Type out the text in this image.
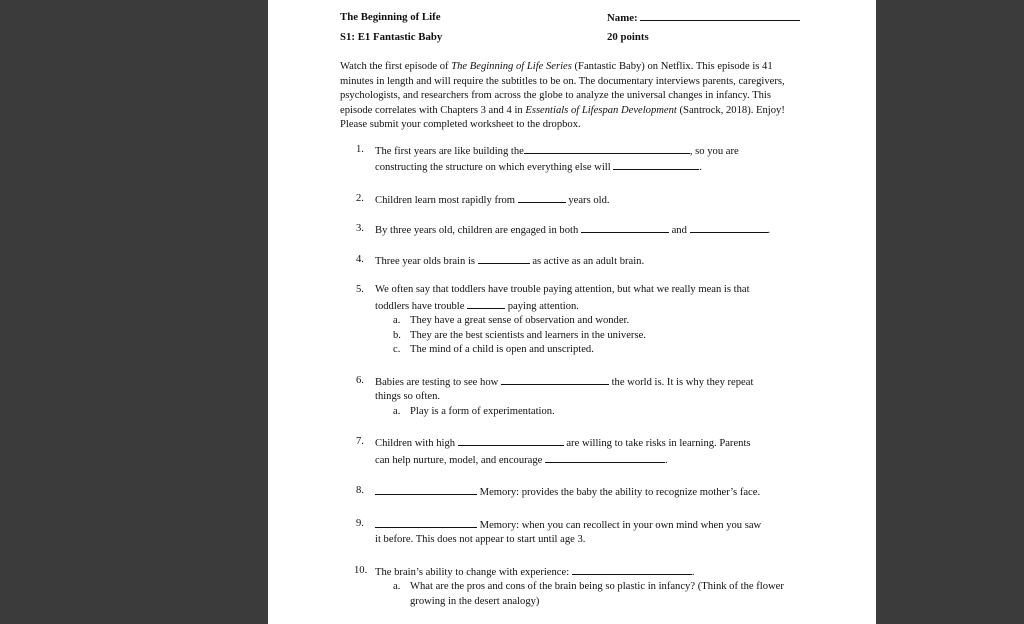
The Beginning of Life	Name:
S1: E1 Fantastic Baby	20 points
Watch the first episode of The Beginning of Life Series (Fantastic Baby) on Netflix. This episode is 41 minutes in length and will require the subtitles to be on. The documentary interviews parents, caregivers, psychologists, and researchers from across the globe to analyze the universal changes in infancy. This episode correlates with Chapters 3 and 4 in Essentials of Lifespan Development (Santrock, 2018). Enjoy! Please submit your completed worksheet to the dropbox.
1. The first years are like building the	, so you are
constructing the structure on which everything else will	.
2. Children learn most rapidly from	years old.
3. By three years old, children are engaged in both	and	.
4. Three year olds brain is	as active as an adult brain.
5. We often say that toddlers have trouble paying attention, but what we really mean is that
toddlers have trouble	paying attention.
a. They have a great sense of observation and wonder.
b. They are the best scientists and learners in the universe.
c. The mind of a child is open and unscripted.
6. Babies are testing to see how	the world is. It is why they repeat
things so often.
a. Play is a form of experimentation.
7. Children with high	are willing to take risks in learning. Parents
can help nurture, model, and encourage	.
8.	Memory: provides the baby the ability to recognize mother’s face.
9.	Memory: when you can recollect in your own mind when you saw
it before. This does not appear to start until age 3.
10. The brain’s ability to change with experience:	.
a. What are the pros and cons of the brain being so plastic in infancy? (Think of the flower growing in the desert analogy)
